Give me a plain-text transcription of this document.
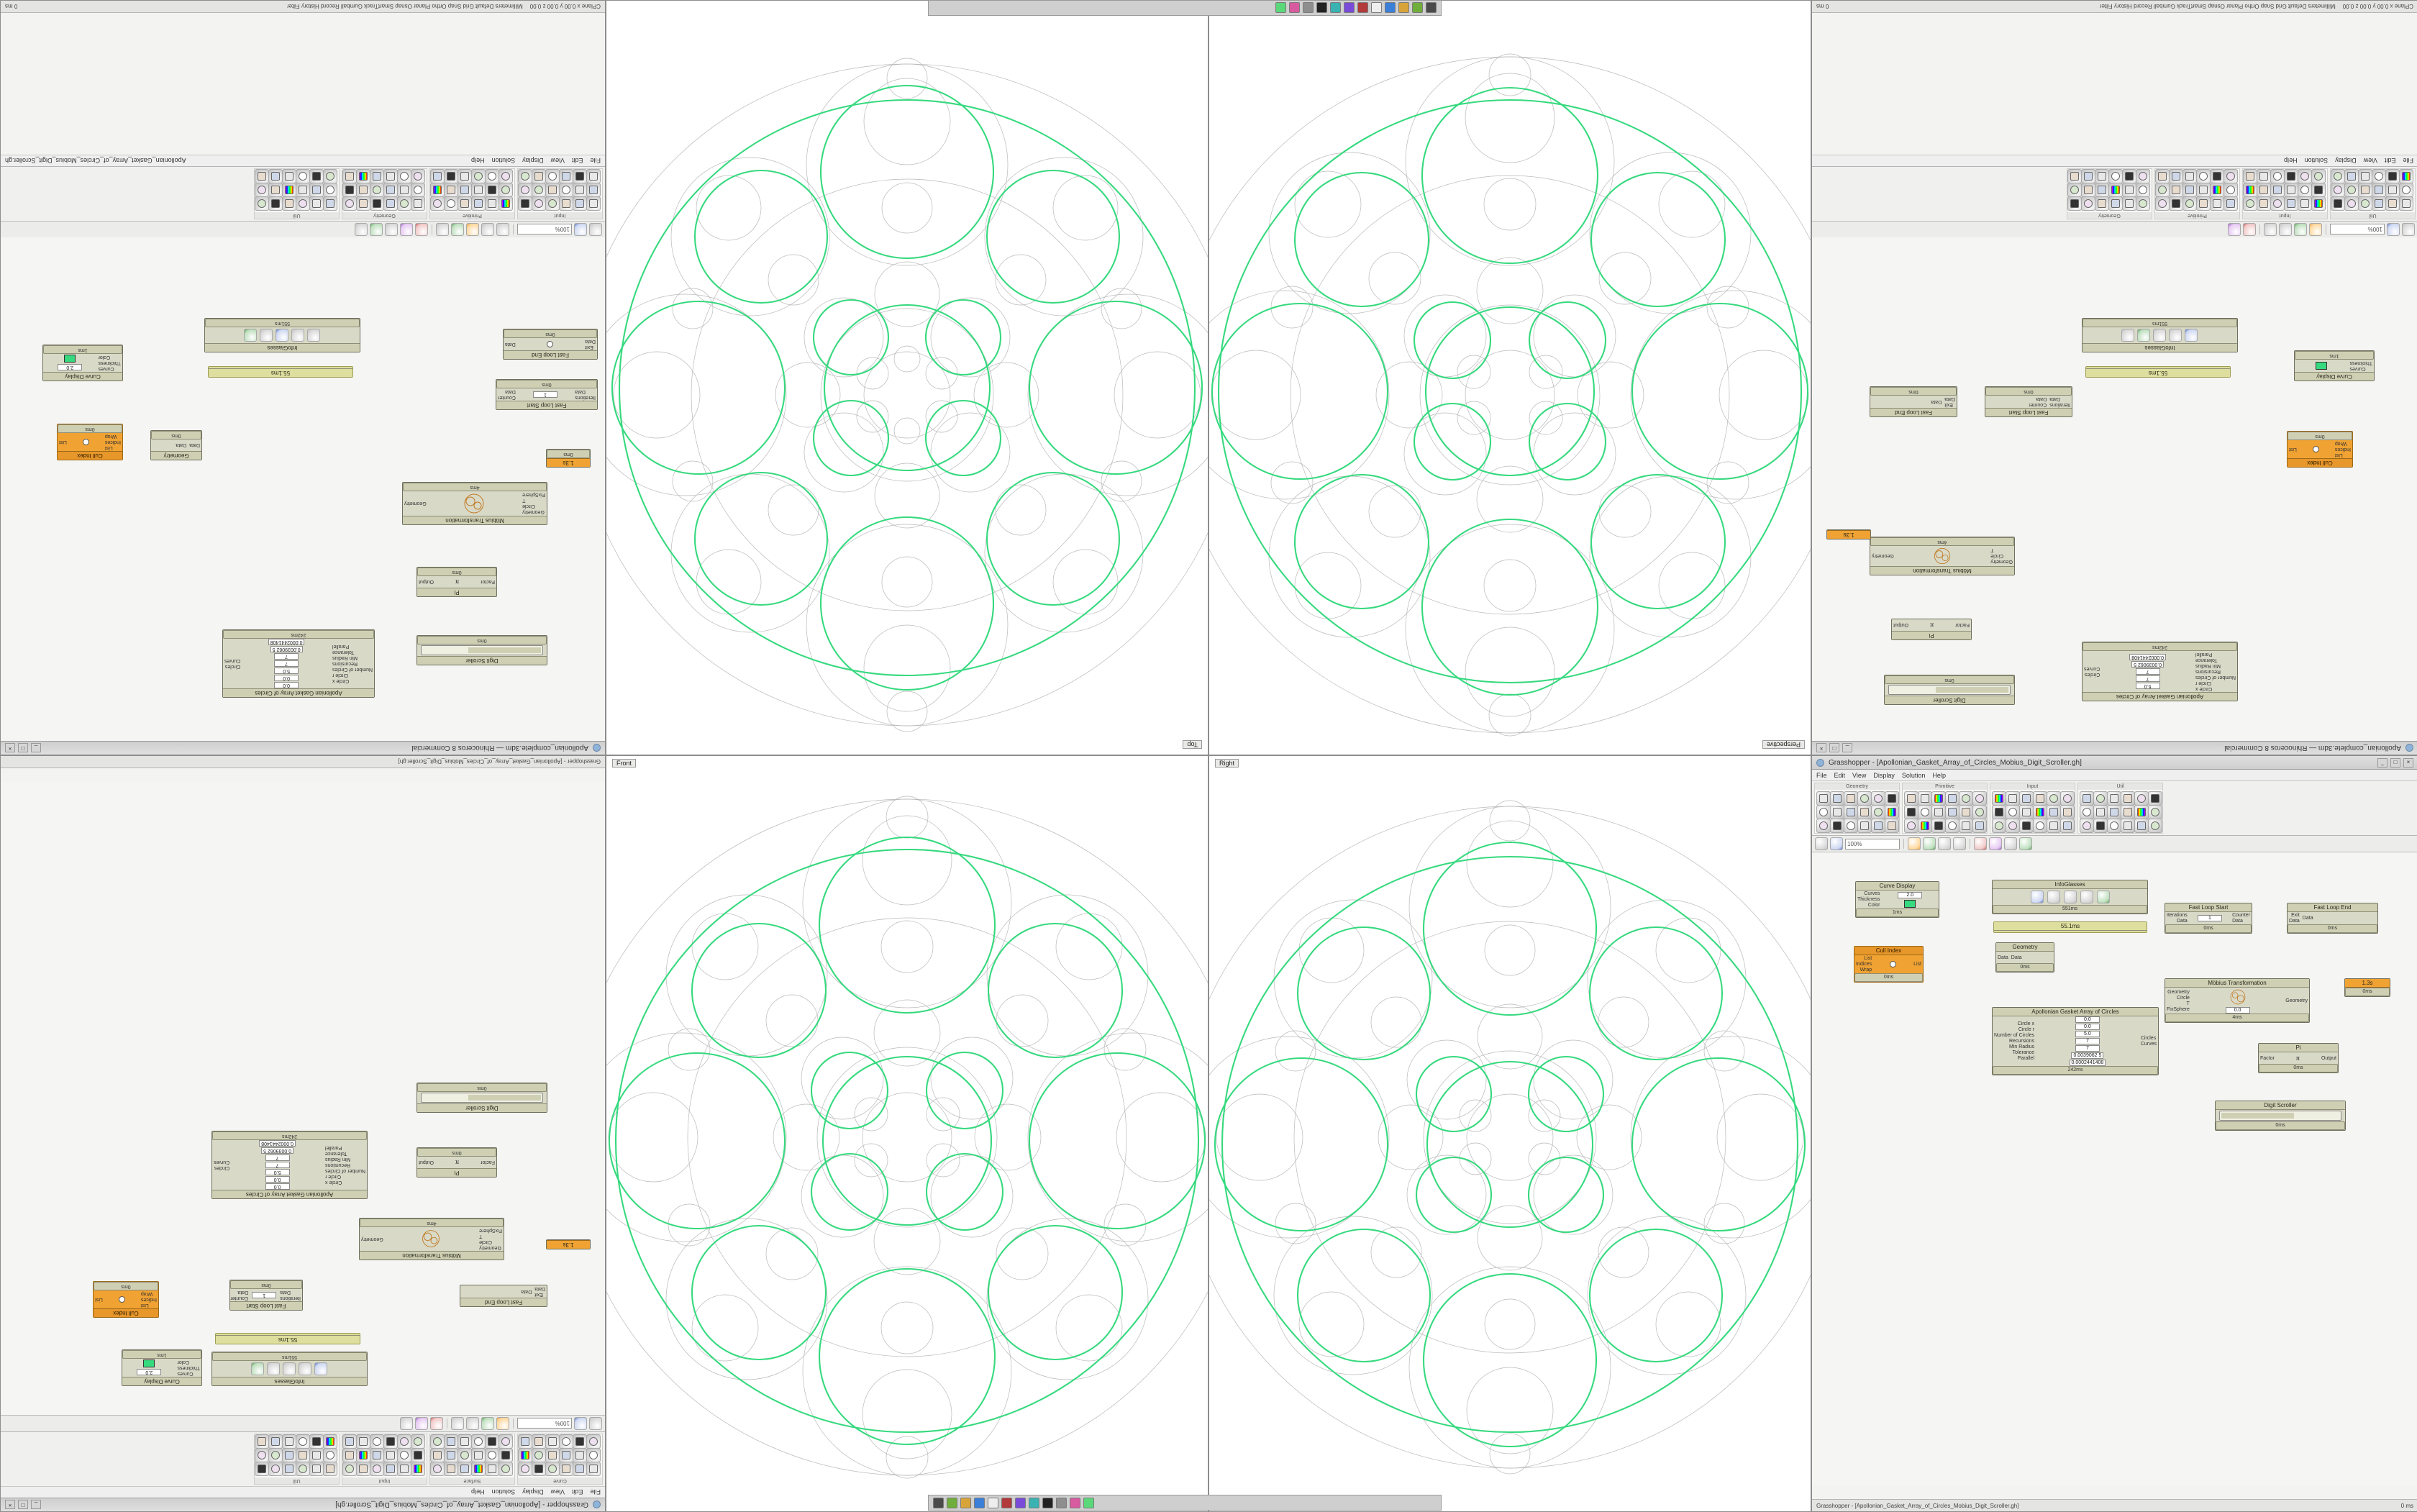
Apollonian_complete.3dm — Rhinoceros 8 Commercial
_
□
×
Digit Scroller
0ms
Pi
Factor
π
Output
0ms
Möbius Transformation
Geometry
Circle
T
FixSphere
Geometry
4ms
1.3s
0ms
Fast Loop Start
Iterations
Data
1
Counter
Data
0ms
Fast Loop End
Exit
Data
Data
0ms
Apollonian Gasket Array of Circles
Circle x
Circle r
Number of Circles
Recursions
Min Radius
Tolerance
Parallel
0.0
0.0
5.0
7
7
0.0039062 5
0.0002441408
Circles
Curves
242ms
Cull Index
List
Indices
Wrap
List
0ms
Curve Display
Curves
Thickness
Color
2.0
1ms	InfoGlasses
551ms
Geometry
Data
Data
0ms
55.1ms
100%
Input
Primitive
Geometry
Util
File
Edit
View
Display
Solution
Help
Apollonian_Gasket_Array_of_Circles_Mobius_Digit_Scroller.gh
CPlane x 0.00 y 0.00 z 0.00
Millimeters Default Grid Snap Ortho Planar Osnap SmartTrack Gumball Record History Filter
0 ms
Grasshopper - [Apollonian_Gasket_Array_of_Circles_Mobius_Digit_Scroller.gh]
_
□
×
File
Edit
View
Display
Solution
Help
Curve
Surface
Input
Util
100%
Curve Display
Curves
Thickness
Color
2.0
1ms
InfoGlasses
551ms
55.1ms
Cull Index
List
Indices
Wrap
List
0ms
Fast Loop Start
Iterations
Data
1
Counter
Data
0ms
Fast Loop End
Exit
Data
Data
Möbius Transformation
Geometry
Circle
T
FixSphere
Geometry
4ms
1.3s
Pi
Factor
π
Output
0ms
Digit Scroller
0ms
Apollonian Gasket Array of Circles
Circle x
Circle r
Number of Circles
Recursions
Min Radius
Tolerance
Parallel
0.0
0.0
5.0
7
7
0.0039062 5
0.0002441408
Circles
Curves
242ms
Grasshopper - [Apollonian_Gasket_Array_of_Circles_Mobius_Digit_Scroller.gh]
Top	Perspective
Front	Right
Apollonian_complete.3dm — Rhinoceros 8 Commercial
_
□
×
Digit Scroller
0ms
Pi
Factor
π
Output
Möbius Transformation
Geometry
Circle
T
Geometry
4ms
1.3s
Apollonian Gasket Array of Circles
Circle x
Circle r
Number of Circles
Recursions
Min Radius
Tolerance
Parallel
5.0
7
7
0.0039062 5
0.0002441408
Circles
Curves
242ms
Cull Index
List
Indices
Wrap
List
0ms
Curve Display
Curves
Thickness
1ms
InfoGlasses
551ms
Fast Loop Start
Iterations
Data
Counter
Data
0ms
Fast Loop End
Exit
Data
Data
0ms
55.1ms
100%
Util
Input
Primitive
Geometry
File
Edit
View
Display
Solution
Help
CPlane x 0.00 y 0.00 z 0.00
Millimeters Default Grid Snap Ortho Planar Osnap SmartTrack Gumball Record History Filter
0 ms
Grasshopper - [Apollonian_Gasket_Array_of_Circles_Mobius_Digit_Scroller.gh]	_	□	×
File Edit View Display Solution Help
Geometry	Primitive	Input	Util
100%
Curve Display
Curves
Thickness
Color
2.0
1ms
InfoGlasses
551ms	Fast Loop Start
Iterations
Data
1
Counter
Data
0ms
Fast Loop End
Exit
Data
Data
0ms
Cull Index
List
Indices
Wrap
List
0ms
Geometry
Data Data
0ms
Möbius Transformation
Geometry
Circle
T
FixSphere	0.0
Geometry
4ms
1.3s
0ms
Pi
Factor	π	Output
0ms
Digit Scroller
0ms
Apollonian Gasket Array of Circles
Circle x
Circle r
Number of Circles
Recursions
Min Radius
Tolerance
Parallel
0.0
0.0
5.0
7
7
0.0039062 5
0.0002441408
Circles
Curves
242ms
55.1ms
Grasshopper - [Apollonian_Gasket_Array_of_Circles_Mobius_Digit_Scroller.gh]	0 ms
